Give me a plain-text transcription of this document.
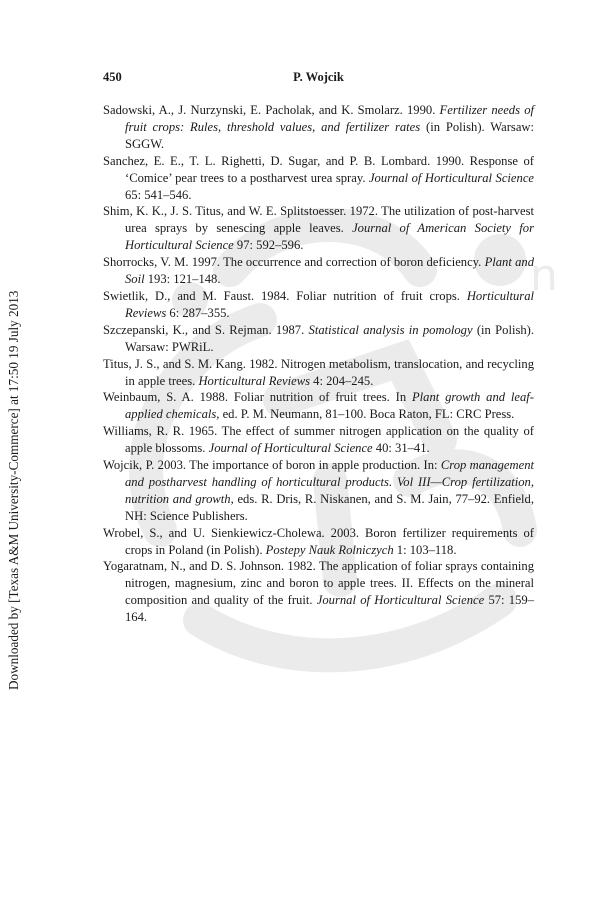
n
Downloaded by [Texas A&M University-Commerce] at 17:50 19 July 2013
450	P. Wojcik
Sadowski, A., J. Nurzynski, E. Pacholak, and K. Smolarz. 1990. Fertilizer needs of fruit crops: Rules, threshold values, and fertilizer rates (in Polish). Warsaw: SGGW.
Sanchez, E. E., T. L. Righetti, D. Sugar, and P. B. Lombard. 1990. Response of ‘Comice’ pear trees to a postharvest urea spray. Journal of Horticultural Science 65: 541–546.
Shim, K. K., J. S. Titus, and W. E. Splitstoesser. 1972. The utilization of post-harvest urea sprays by senescing apple leaves. Journal of American Society for Horticultural Science 97: 592–596.
Shorrocks, V. M. 1997. The occurrence and correction of boron deficiency. Plant and Soil 193: 121–148.
Swietlik, D., and M. Faust. 1984. Foliar nutrition of fruit crops. Horticultural Reviews 6: 287–355.
Szczepanski, K., and S. Rejman. 1987. Statistical analysis in pomology (in Polish). Warsaw: PWRiL.
Titus, J. S., and S. M. Kang. 1982. Nitrogen metabolism, translocation, and recycling in apple trees. Horticultural Reviews 4: 204–245.
Weinbaum, S. A. 1988. Foliar nutrition of fruit trees. In Plant growth and leaf-applied chemicals, ed. P. M. Neumann, 81–100. Boca Raton, FL: CRC Press.
Williams, R. R. 1965. The effect of summer nitrogen application on the quality of apple blossoms. Journal of Horticultural Science 40: 31–41.
Wojcik, P. 2003. The importance of boron in apple production. In: Crop management and postharvest handling of horticultural products. Vol III—Crop fertilization, nutrition and growth, eds. R. Dris, R. Niskanen, and S. M. Jain, 77–92. Enfield, NH: Science Publishers.
Wrobel, S., and U. Sienkiewicz-Cholewa. 2003. Boron fertilizer requirements of crops in Poland (in Polish). Postepy Nauk Rolniczych 1: 103–118.
Yogaratnam, N., and D. S. Johnson. 1982. The application of foliar sprays containing nitrogen, magnesium, zinc and boron to apple trees. II. Effects on the mineral composition and quality of the fruit. Journal of Horticultural Science 57: 159–164.
